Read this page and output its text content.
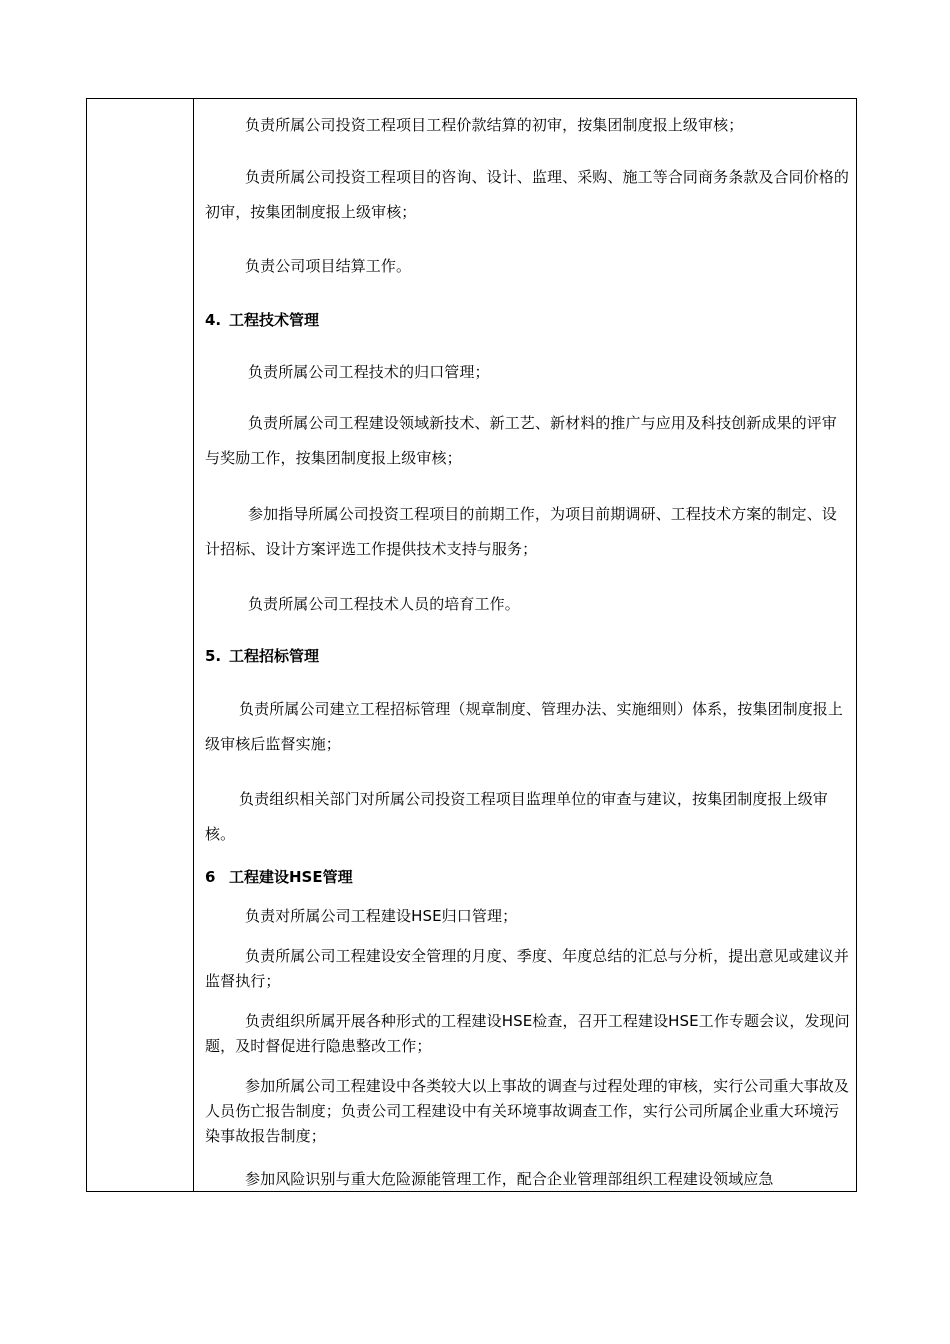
负责所属公司投资工程项目工程价款结算的初审，按集团制度报上级审核；

负责所属公司投资工程项目的咨询、设计、监理、采购、施工等合同商务条款及合同价格的初审，按集团制度报上级审核；

负责公司项目结算工作。

4. 工程技术管理

负责所属公司工程技术的归口管理；

负责所属公司工程建设领域新技术、新工艺、新材料的推广与应用及科技创新成果的评审与奖励工作，按集团制度报上级审核；

参加指导所属公司投资工程项目的前期工作，为项目前期调研、工程技术方案的制定、设计招标、设计方案评选工作提供技术支持与服务；

负责所属公司工程技术人员的培育工作。

5. 工程招标管理

负责所属公司建立工程招标管理（规章制度、管理办法、实施细则）体系，按集团制度报上级审核后监督实施；

负责组织相关部门对所属公司投资工程项目监理单位的审查与建议，按集团制度报上级审核。

6 工程建设HSE管理

负责对所属公司工程建设HSE归口管理；

负责所属公司工程建设安全管理的月度、季度、年度总结的汇总与分析，提出意见或建议并监督执行；

负责组织所属开展各种形式的工程建设HSE检查，召开工程建设HSE工作专题会议，发现问题，及时督促进行隐患整改工作；

参加所属公司工程建设中各类较大以上事故的调查与过程处理的审核，实行公司重大事故及人员伤亡报告制度；负责公司工程建设中有关环境事故调查工作，实行公司所属企业重大环境污染事故报告制度；

参加风险识别与重大危险源能管理工作，配合企业管理部组织工程建设领域应急
